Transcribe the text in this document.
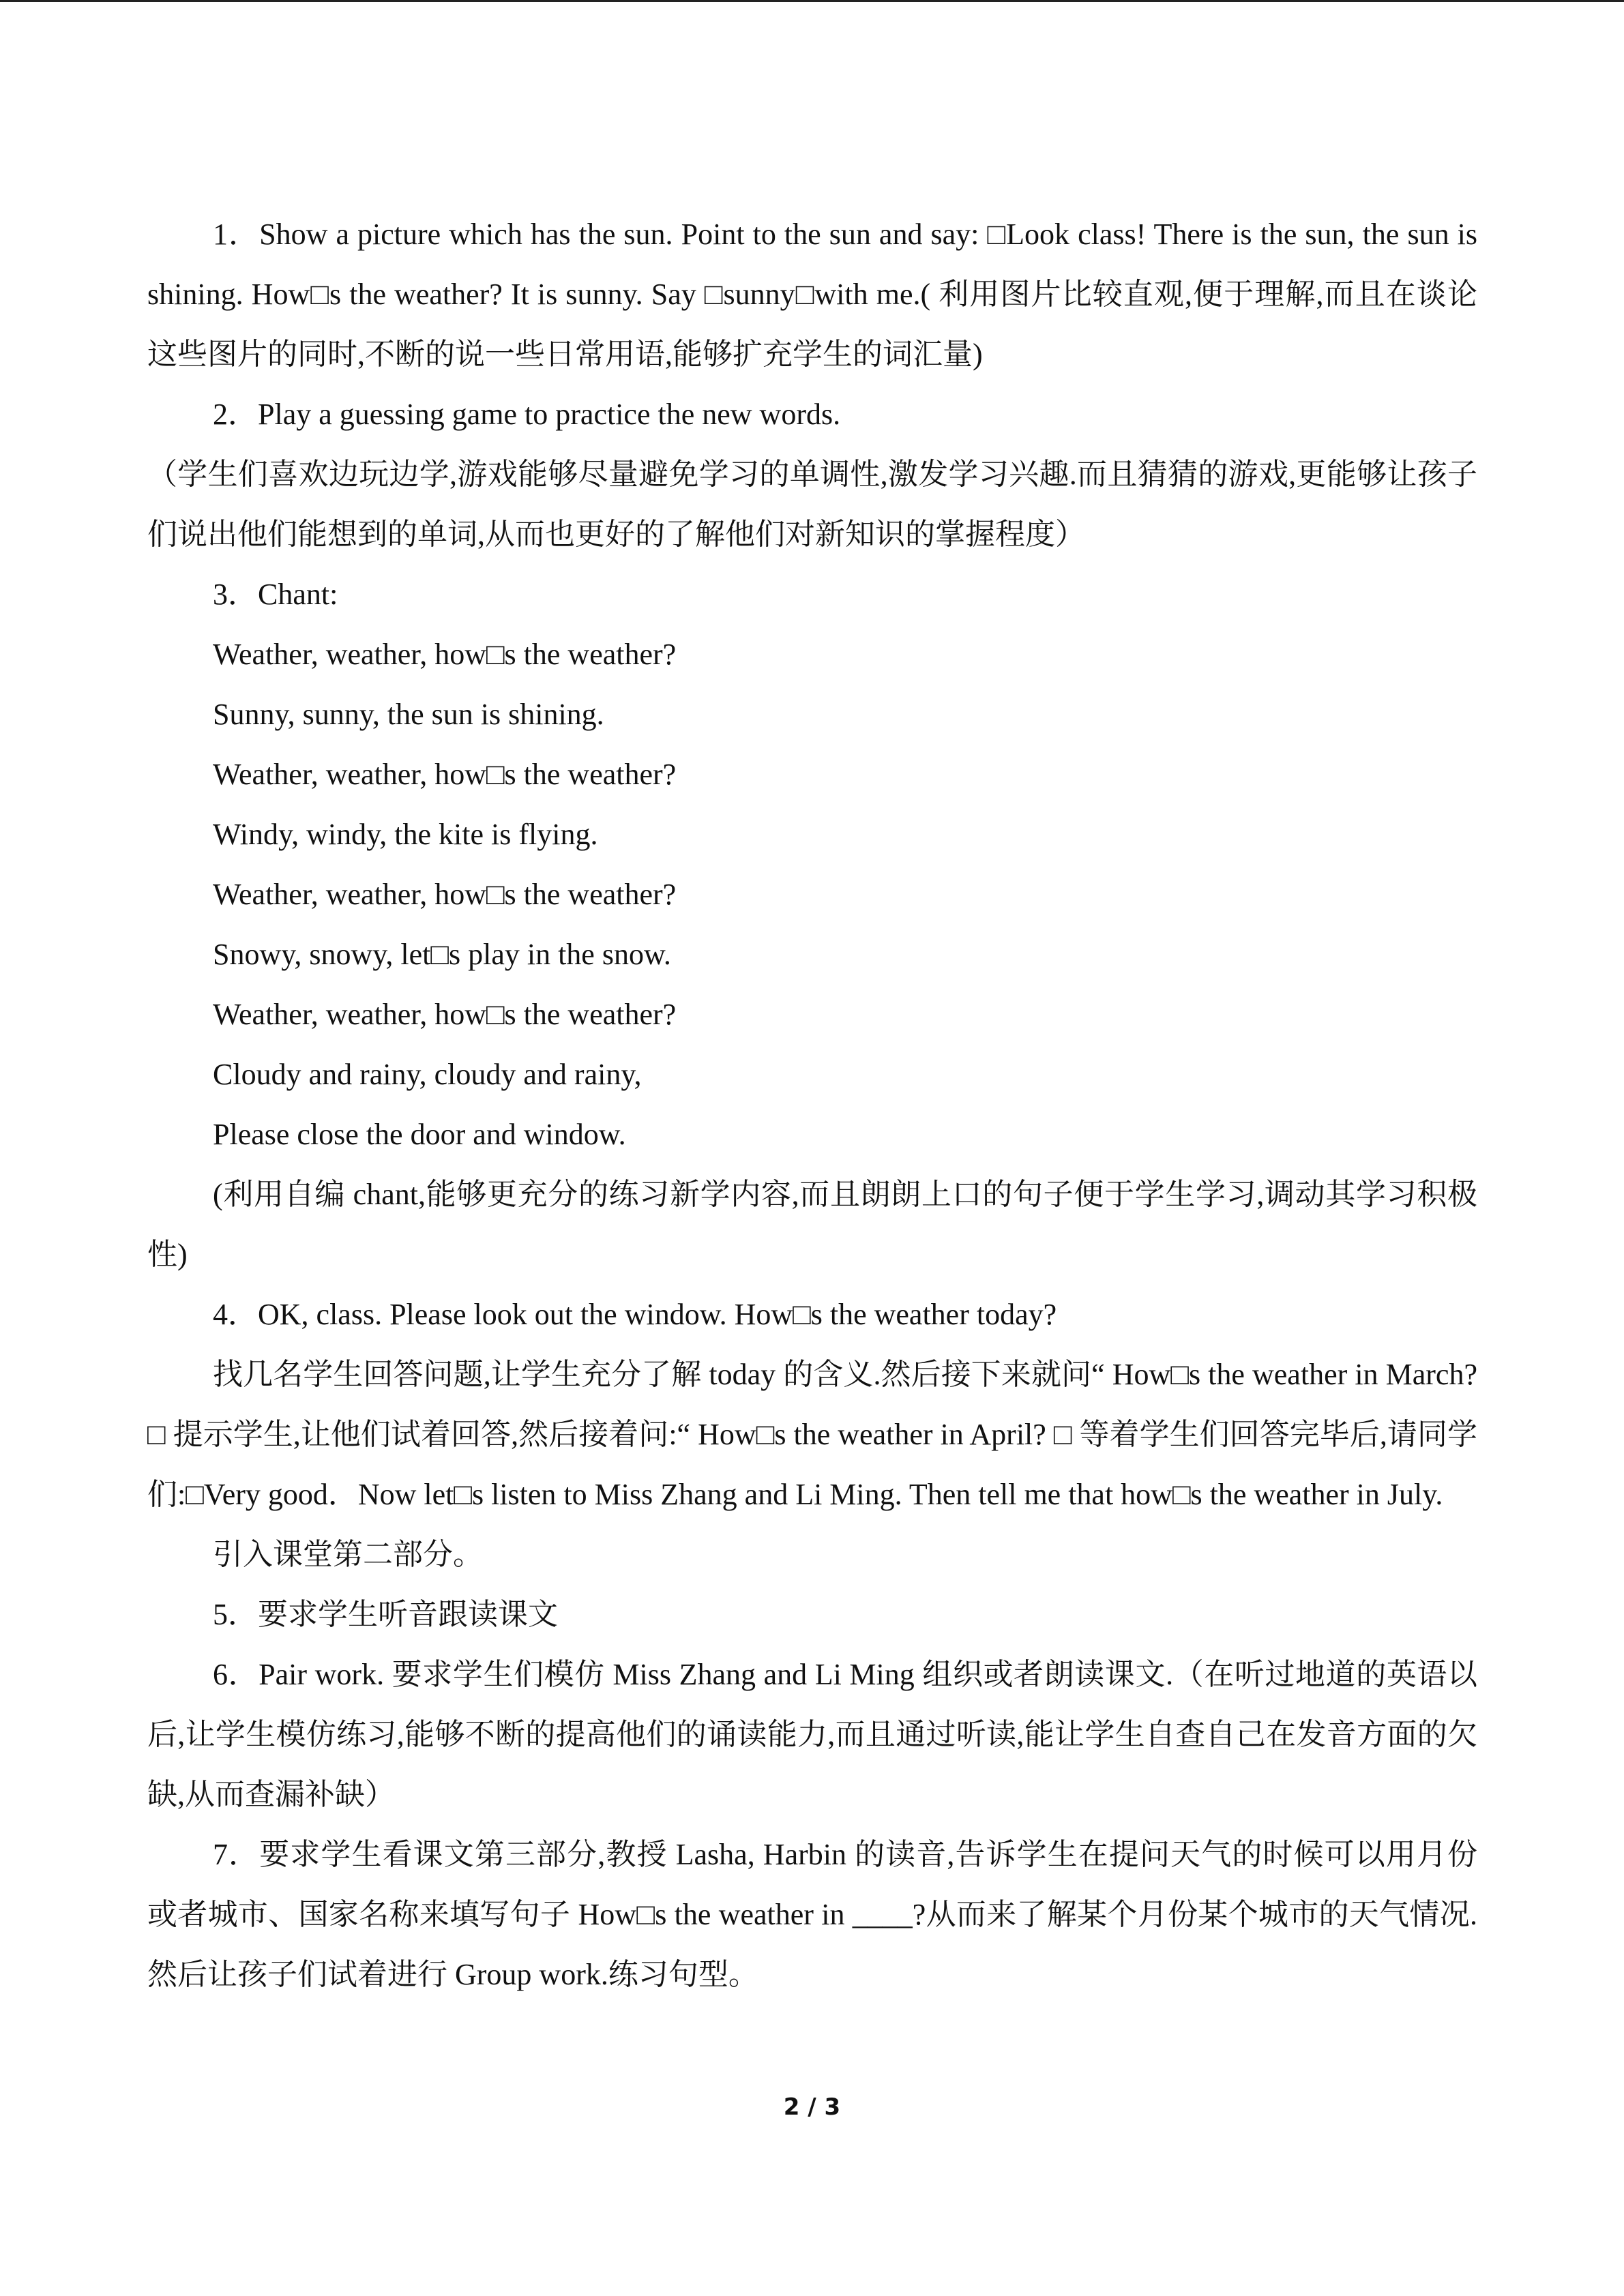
1．Show a picture which has the sun. Point to the sun and say: □Look class! There is the sun, the sun is shining. How□s the weather? It is sunny. Say □sunny□with me.( 利用图片比较直观,便于理解,而且在谈论这些图片的同时,不断的说一些日常用语,能够扩充学生的词汇量)

2．Play a guessing game to practice the new words.

（学生们喜欢边玩边学,游戏能够尽量避免学习的单调性,激发学习兴趣.而且猜猜的游戏,更能够让孩子们说出他们能想到的单词,从而也更好的了解他们对新知识的掌握程度）

3．Chant:

Weather, weather, how□s the weather?

Sunny, sunny, the sun is shining.

Weather, weather, how□s the weather?

Windy, windy, the kite is flying.

Weather, weather, how□s the weather?

Snowy, snowy, let□s play in the snow.

Weather, weather, how□s the weather?

Cloudy and rainy, cloudy and rainy,

Please close the door and window.

(利用自编 chant,能够更充分的练习新学内容,而且朗朗上口的句子便于学生学习,调动其学习积极性)

4．OK, class. Please look out the window. How□s the weather today?

找几名学生回答问题,让学生充分了解 today 的含义.然后接下来就问“ How□s the weather in March? □ 提示学生,让他们试着回答,然后接着问:“ How□s the weather in April? □ 等着学生们回答完毕后,请同学们:□Very good．Now let□s listen to Miss Zhang and Li Ming. Then tell me that how□s the weather in July.

引入课堂第二部分。

5．要求学生听音跟读课文

6．Pair work. 要求学生们模仿 Miss Zhang and Li Ming 组织或者朗读课文.（在听过地道的英语以后,让学生模仿练习,能够不断的提高他们的诵读能力,而且通过听读,能让学生自查自己在发音方面的欠缺,从而查漏补缺）

7．要求学生看课文第三部分,教授 Lasha, Harbin 的读音,告诉学生在提问天气的时候可以用月份或者城市、国家名称来填写句子 How□s the weather in ____?从而来了解某个月份某个城市的天气情况.然后让孩子们试着进行 Group work.练习句型。

2 / 3
